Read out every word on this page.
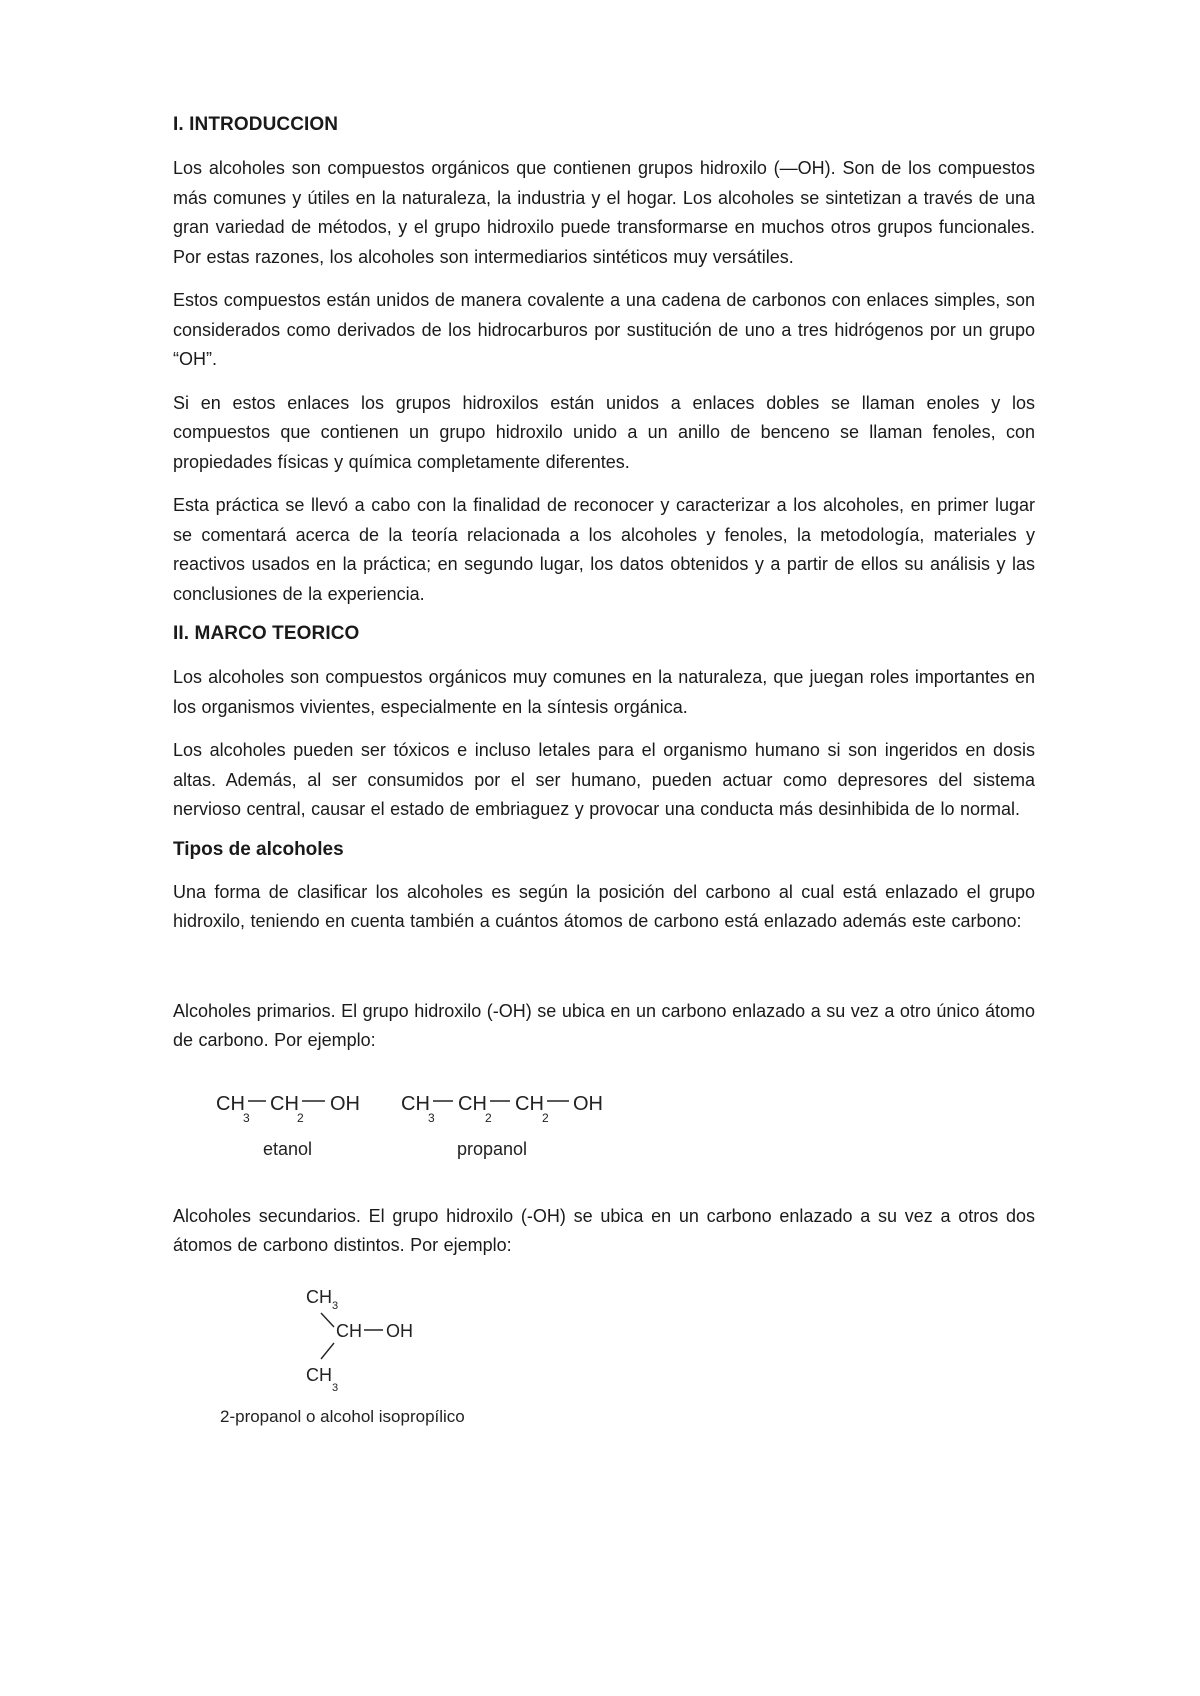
I. INTRODUCCION

Los alcoholes son compuestos orgánicos que contienen grupos hidroxilo (—OH). Son de los compuestos más comunes y útiles en la naturaleza, la industria y el hogar. Los alcoholes se sintetizan a través de una gran variedad de métodos, y el grupo hidroxilo puede transformarse en muchos otros grupos funcionales. Por estas razones, los alcoholes son intermediarios sintéticos muy versátiles.

Estos compuestos están unidos de manera covalente a una cadena de carbonos con enlaces simples, son considerados como derivados de los hidrocarburos por sustitución de uno a tres hidrógenos por un grupo “OH”.

Si en estos enlaces los grupos hidroxilos están unidos a enlaces dobles se llaman enoles y los compuestos que contienen un grupo hidroxilo unido a un anillo de benceno se llaman fenoles, con propiedades físicas y química completamente diferentes.

Esta práctica se llevó a cabo con la finalidad de reconocer y caracterizar a los alcoholes, en primer lugar se comentará acerca de la teoría relacionada a los alcoholes y fenoles, la metodología, materiales y reactivos usados en la práctica; en segundo lugar, los datos obtenidos y a partir de ellos su análisis y las conclusiones de la experiencia.

II. MARCO TEORICO

Los alcoholes son compuestos orgánicos muy comunes en la naturaleza, que juegan roles importantes en los organismos vivientes, especialmente en la síntesis orgánica.

Los alcoholes pueden ser tóxicos e incluso letales para el organismo humano si son ingeridos en dosis altas. Además, al ser consumidos por el ser humano, pueden actuar como depresores del sistema nervioso central, causar el estado de embriaguez y provocar una conducta más desinhibida de lo normal.

Tipos de alcoholes

Una forma de clasificar los alcoholes es según la posición del carbono al cual está enlazado el grupo hidroxilo, teniendo en cuenta también a cuántos átomos de carbono está enlazado además este carbono:

Alcoholes primarios. El grupo hidroxilo (-OH) se ubica en un carbono enlazado a su vez a otro único átomo de carbono. Por ejemplo:

CH
3
CH
2
OH
etanol
CH
3
CH
2
CH
2
OH
propanol

Alcoholes secundarios. El grupo hidroxilo (-OH) se ubica en un carbono enlazado a su vez a otros dos átomos de carbono distintos. Por ejemplo:

CH 3
CH OH
CH
3
2-propanol o alcohol isopropílico
